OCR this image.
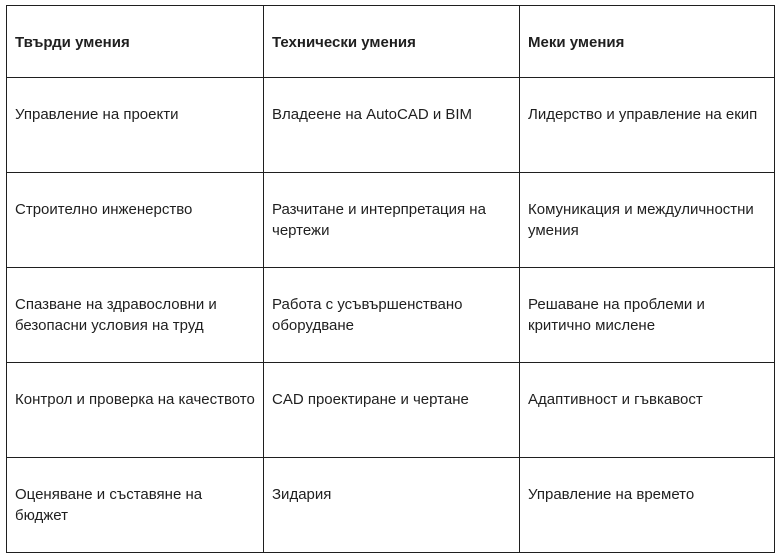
Твърди умения	Технически умения	Меки умения
Управление на проекти	Владеене на AutoCAD и BIM	Лидерство и управление на екип
Строително инженерство	Разчитане и интерпретация на чертежи	Комуникация и междуличностни умения
Спазване на здравословни и безопасни условия на труд	Работа с усъвършенствано оборудване	Решаване на проблеми и критично мислене
Контрол и проверка на качеството	CAD проектиране и чертане	Адаптивност и гъвкавост
Оценяване и съставяне на бюджет	Зидария	Управление на времето
